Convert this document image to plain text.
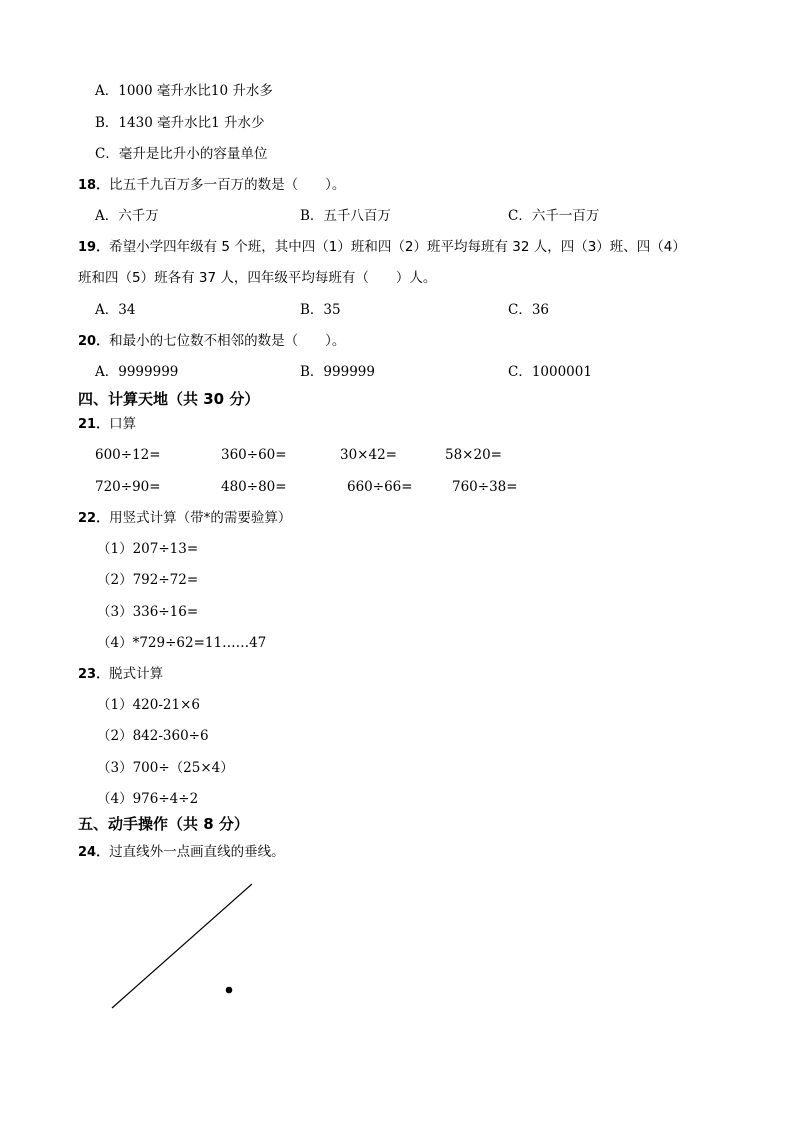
A．1000 毫升水比10 升水多
B．1430 毫升水比1 升水少
C．毫升是比升小的容量单位
18．比五千九百万多一百万的数是（　　）。
A．六千万	B．五千八百万	C．六千一百万
19．希望小学四年级有 5 个班，其中四（1）班和四（2）班平均每班有 32 人，四（3）班、四（4）
班和四（5）班各有 37 人，四年级平均每班有（　　）人。
A．34	B．35	C．36
20．和最小的七位数不相邻的数是（　　）。
A．9999999	B．999999	C．1000001
四、计算天地（共 30 分）
21．口算
600÷12=	360÷60=	30×42=	58×20=
720÷90=	480÷80=	660÷66=	760÷38=
22．用竖式计算（带*的需要验算）
（1）207÷13=
（2）792÷72=
（3）336÷16=
（4）*729÷62=11……47
23．脱式计算
（1）420-21×6
（2）842-360÷6
（3）700÷（25×4）
（4）976÷4÷2
五、动手操作（共 8 分）
24．过直线外一点画直线的垂线。
